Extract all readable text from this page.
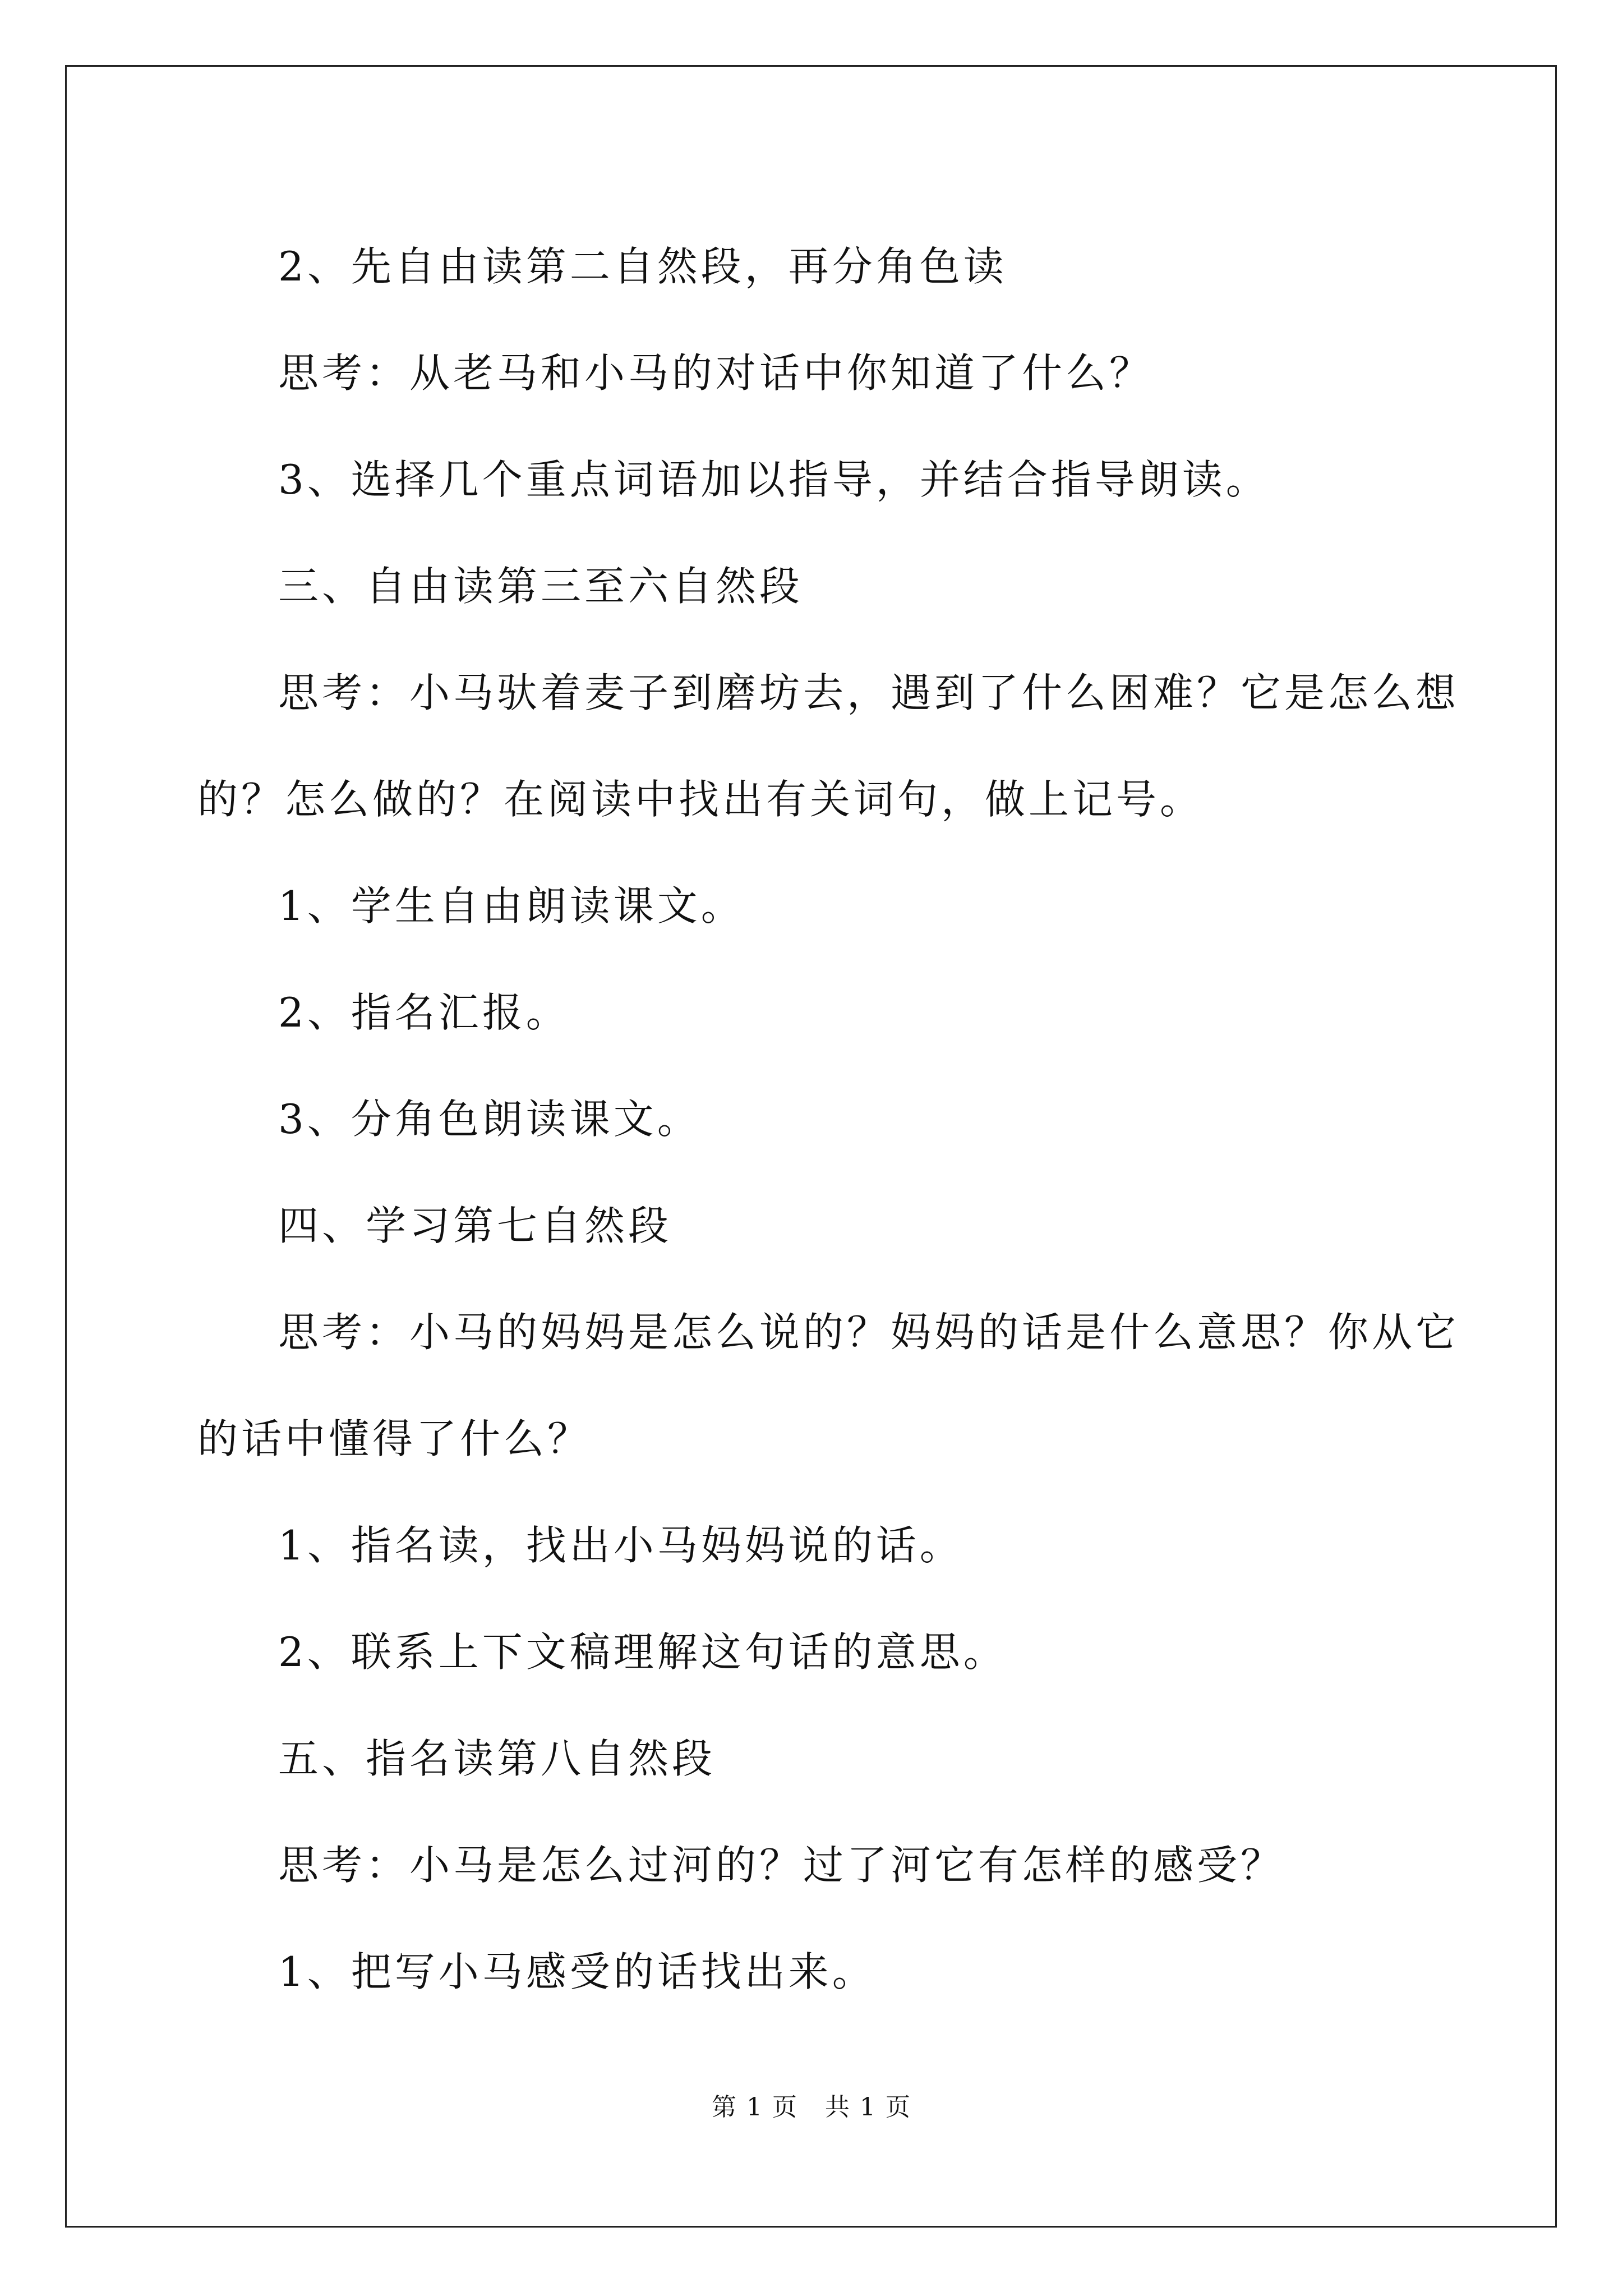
2、先自由读第二自然段，再分角色读

思考：从老马和小马的对话中你知道了什么？

3、选择几个重点词语加以指导，并结合指导朗读。

三、自由读第三至六自然段

思考：小马驮着麦子到磨坊去，遇到了什么困难？它是怎么想的？怎么做的？在阅读中找出有关词句，做上记号。

1、学生自由朗读课文。

2、指名汇报。

3、分角色朗读课文。

四、学习第七自然段

思考：小马的妈妈是怎么说的？妈妈的话是什么意思？你从它的话中懂得了什么？

1、指名读，找出小马妈妈说的话。

2、联系上下文稿理解这句话的意思。

五、指名读第八自然段

思考：小马是怎么过河的？过了河它有怎样的感受？

1、把写小马感受的话找出来。

第 1 页 共 1 页
